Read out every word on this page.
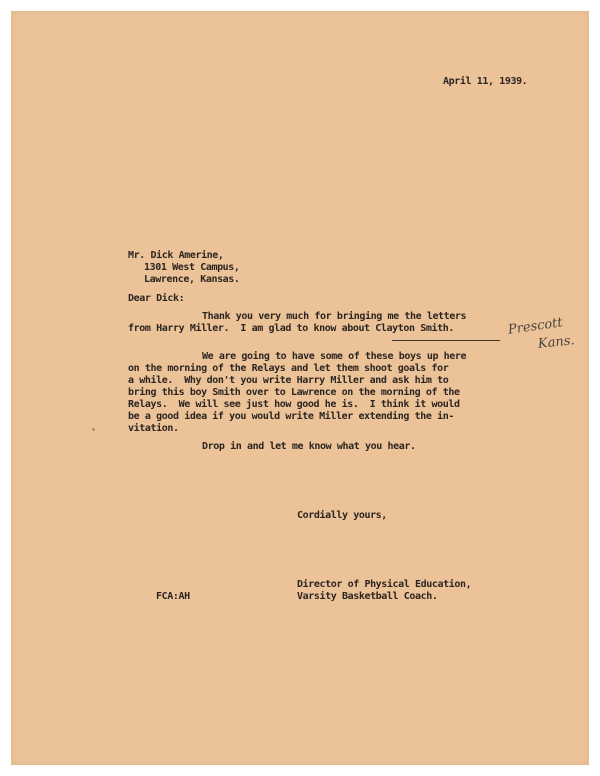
April 11, 1939.
Mr. Dick Amerine,
1301 West Campus,
Lawrence, Kansas.
Dear Dick:
Thank you very much for bringing me the letters
from Harry Miller.  I am glad to know about Clayton Smith.	Prescott
Kans.
We are going to have some of these boys up here
on the morning of the Relays and let them shoot goals for
a while.  Why don't you write Harry Miller and ask him to
bring this boy Smith over to Lawrence on the morning of the
Relays.  We will see just how good he is.  I think it would
be a good idea if you would write Miller extending the in-
vitation.
Drop in and let me know what you hear.
Cordially yours,
FCA:AH
Director of Physical Education,
Varsity Basketball Coach.
